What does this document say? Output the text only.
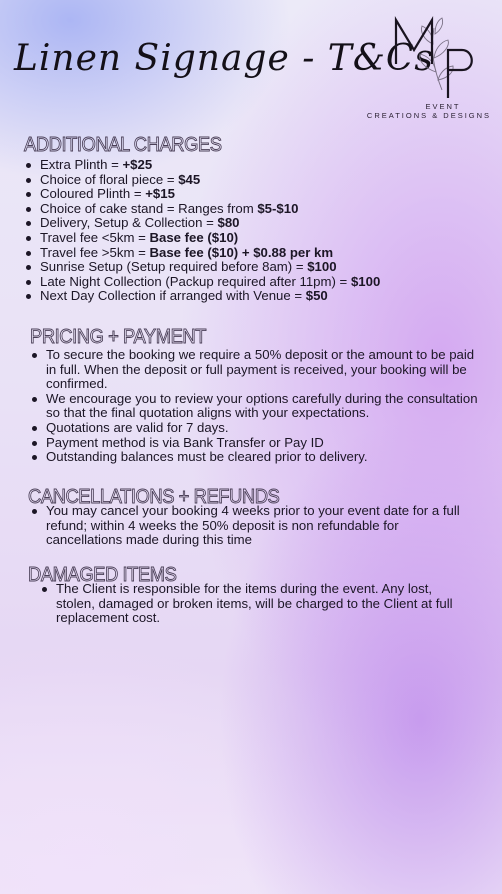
Linen Signage - T&Cs
EVENT
CREATIONS & DESIGNS
ADDITIONAL CHARGES
Extra Plinth = +$25
Choice of floral piece = $45
Coloured Plinth = +$15
Choice of cake stand = Ranges from $5-$10
Delivery, Setup & Collection = $80
Travel fee <5km = Base fee ($10)
Travel fee >5km = Base fee ($10) + $0.88 per km
Sunrise Setup (Setup required before 8am) = $100
Late Night Collection (Packup required after 11pm) = $100
Next Day Collection if arranged with Venue = $50
PRICING + PAYMENT
To secure the booking we require a 50% deposit or the amount to be paid in full. When the deposit or full payment is received, your booking will be confirmed.
We encourage you to review your options carefully during the consultation so that the final quotation aligns with your expectations.
Quotations are valid for 7 days.
Payment method is via Bank Transfer or Pay ID
Outstanding balances must be cleared prior to delivery.
CANCELLATIONS + REFUNDS
You may cancel your booking 4 weeks prior to your event date for a full refund; within 4 weeks the 50% deposit is non refundable for cancellations made during this time
DAMAGED ITEMS
The Client is responsible for the items during the event. Any lost, stolen, damaged or broken items, will be charged to the Client at full replacement cost.
